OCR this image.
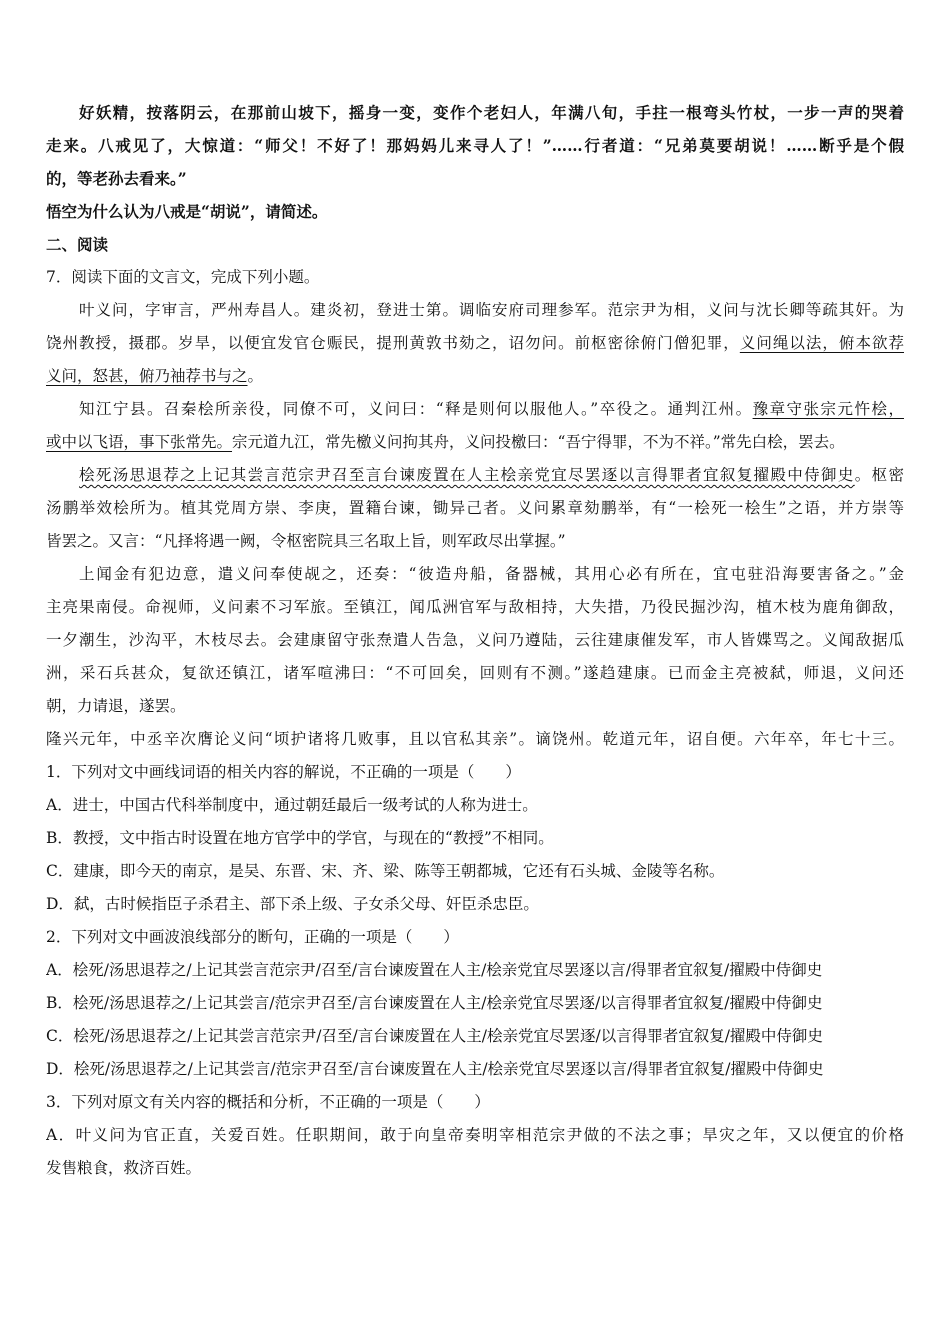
好妖精，按落阴云，在那前山坡下，摇身一变，变作个老妇人，年满八旬，手拄一根弯头竹杖，一步一声的哭着
走来。八戒见了，大惊道：“师父！不好了！那妈妈儿来寻人了！”……行者道：“兄弟莫要胡说！……断乎是个假
的，等老孙去看来。”
悟空为什么认为八戒是“胡说”，请简述。
二、阅读
7．阅读下面的文言文，完成下列小题。
叶义问，字审言，严州寿昌人。建炎初，登进士第。调临安府司理参军。范宗尹为相，义问与沈长卿等疏其奸。为
饶州教授，摄郡。岁旱，以便宜发官仓赈民，提刑黄敦书劾之，诏勿问。前枢密徐俯门僧犯罪，义问绳以法，俯本欲荐
义问，怒甚，俯乃袖荐书与之。
知江宁县。召秦桧所亲役，同僚不可，义问曰：“释是则何以服他人。”卒役之。通判江州。豫章守张宗元忤桧，
或中以飞语，事下张常先。宗元道九江，常先檄义问拘其舟，义问投檄曰：“吾宁得罪，不为不祥。”常先白桧，罢去。
桧死汤思退荐之上记其尝言范宗尹召至言台谏废置在人主桧亲党宜尽罢逐以言得罪者宜叙复擢殿中侍御史。枢密
汤鹏举效桧所为。植其党周方崇、李庚，置籍台谏，锄异己者。义问累章劾鹏举，有“一桧死一桧生”之语，并方崇等
皆罢之。又言：“凡择将遇一阙，令枢密院具三名取上旨，则军政尽出掌握。”
上闻金有犯边意，遣义问奉使觇之，还奏：“彼造舟船，备器械，其用心必有所在，宜屯驻沿海要害备之。”金
主亮果南侵。命视师，义问素不习军旅。至镇江，闻瓜洲官军与敌相持，大失措，乃役民掘沙沟，植木枝为鹿角御敌，
一夕潮生，沙沟平，木枝尽去。会建康留守张焘遣人告急，义问乃遵陆，云往建康催发军，市人皆媟骂之。义闻敌据瓜
洲，采石兵甚众，复欲还镇江，诸军喧沸曰：“不可回矣，回则有不测。”遂趋建康。已而金主亮被弑，师退，义问还
朝，力请退，遂罢。
隆兴元年，中丞辛次膺论义问“顷护诸将几败事，且以官私其亲”。谪饶州。乾道元年，诏自便。六年卒，年七十三。
1．下列对文中画线词语的相关内容的解说，不正确的一项是（　　）
A．进士，中国古代科举制度中，通过朝廷最后一级考试的人称为进士。
B．教授，文中指古时设置在地方官学中的学官，与现在的“教授”不相同。
C．建康，即今天的南京，是吴、东晋、宋、齐、梁、陈等王朝都城，它还有石头城、金陵等名称。
D．弑，古时候指臣子杀君主、部下杀上级、子女杀父母、奸臣杀忠臣。
2．下列对文中画波浪线部分的断句，正确的一项是（　　）
A．桧死/汤思退荐之/上记其尝言范宗尹/召至/言台谏废置在人主/桧亲党宜尽罢逐以言/得罪者宜叙复/擢殿中侍御史
B．桧死/汤思退荐之/上记其尝言/范宗尹召至/言台谏废置在人主/桧亲党宜尽罢逐/以言得罪者宜叙复/擢殿中侍御史
C．桧死/汤思退荐之/上记其尝言范宗尹/召至/言台谏废置在人主/桧亲党宜尽罢逐/以言得罪者宜叙复/擢殿中侍御史
D．桧死/汤思退荐之/上记其尝言/范宗尹召至/言台谏废置在人主/桧亲党宜尽罢逐以言/得罪者宜叙复/擢殿中侍御史
3．下列对原文有关内容的概括和分析，不正确的一项是（　　）
A．叶义问为官正直，关爱百姓。任职期间，敢于向皇帝奏明宰相范宗尹做的不法之事；旱灾之年，又以便宜的价格
发售粮食，救济百姓。
